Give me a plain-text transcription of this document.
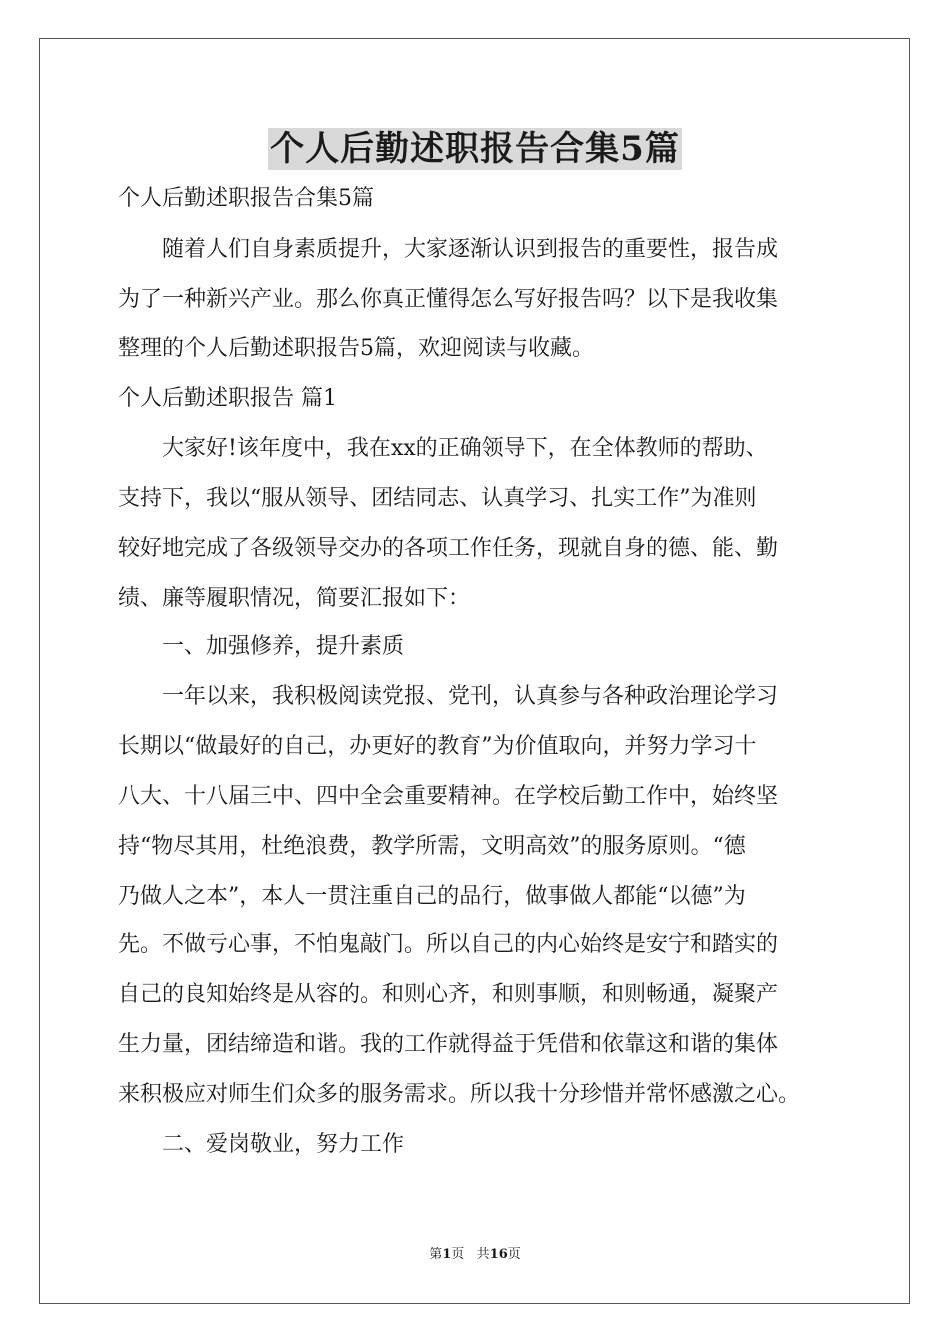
个人后勤述职报告合集5篇
个人后勤述职报告合集5篇
　　随着人们自身素质提升，大家逐渐认识到报告的重要性，报告成
为了一种新兴产业。那么你真正懂得怎么写好报告吗？以下是我收集
整理的个人后勤述职报告5篇，欢迎阅读与收藏。
个人后勤述职报告 篇1
　　大家好!该年度中，我在xx的正确领导下，在全体教师的帮助、
支持下，我以“服从领导、团结同志、认真学习、扎实工作”为准则
较好地完成了各级领导交办的各项工作任务，现就自身的德、能、勤
绩、廉等履职情况，简要汇报如下：
　　一、加强修养，提升素质
　　一年以来，我积极阅读党报、党刊，认真参与各种政治理论学习
长期以“做最好的自己，办更好的教育”为价值取向，并努力学习十
八大、十八届三中、四中全会重要精神。在学校后勤工作中，始终坚
持“物尽其用，杜绝浪费，教学所需，文明高效”的服务原则。“德
乃做人之本”，本人一贯注重自己的品行，做事做人都能“以德”为
先。不做亏心事，不怕鬼敲门。所以自己的内心始终是安宁和踏实的
自己的良知始终是从容的。和则心齐，和则事顺，和则畅通，凝聚产
生力量，团结缔造和谐。我的工作就得益于凭借和依靠这和谐的集体
来积极应对师生们众多的服务需求。所以我十分珍惜并常怀感激之心。
　　二、爱岗敬业，努力工作
第1页   共16页
